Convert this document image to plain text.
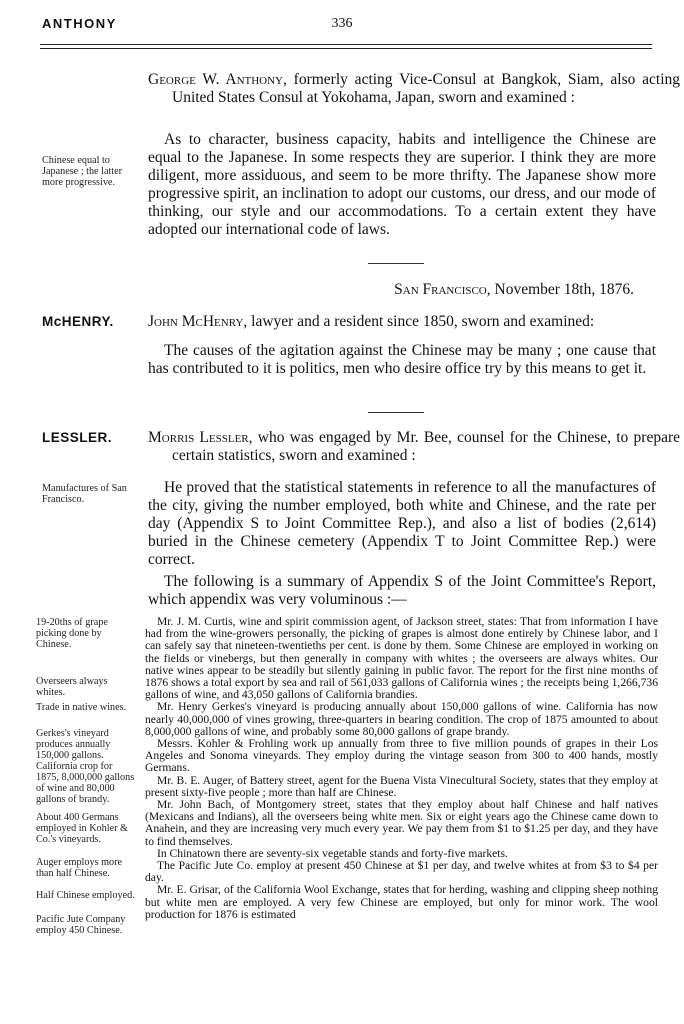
ANTHONY	336
George W. Anthony, formerly acting Vice-Consul at Bangkok, Siam, also acting United States Consul at Yokohama, Japan, sworn and examined :
Chinese equal to Japanese ; the latter more progressive.

As to character, business capacity, habits and intelligence the Chinese are equal to the Japanese. In some respects they are superior. I think they are more diligent, more assiduous, and seem to be more thrifty. The Japanese show more progressive spirit, an inclination to adopt our customs, our dress, and our mode of thinking, our style and our accommodations. To a certain extent they have adopted our international code of laws.

San Francisco, November 18th, 1876.
McHENRY. John McHenry, lawyer and a resident since 1850, sworn and examined:

The causes of the agitation against the Chinese may be many ; one cause that has contributed to it is politics, men who desire office try by this means to get it.

LESSLER. Morris Lessler, who was engaged by Mr. Bee, counsel for the Chinese, to prepare certain statistics, sworn and examined :
Manufactures of San Francisco.

He proved that the statistical statements in reference to all the manufactures of the city, giving the number employed, both white and Chinese, and the rate per day (Appendix S to Joint Committee Rep.), and also a list of bodies (2,614) buried in the Chinese cemetery (Appendix T to Joint Committee Rep.) were correct.

The following is a summary of Appendix S of the Joint Committee's Report, which appendix was very voluminous :—

Mr. J. M. Curtis, wine and spirit commission agent, of Jackson street, states: That from information I have had from the wine-growers personally, the picking of grapes is almost done entirely by Chinese labor, and I can safely say that nineteen-twentieths per cent. is done by them. Some Chinese are employed in working on the fields or vinebergs, but then generally in company with whites ; the overseers are always whites. Our native wines appear to be steadily but silently gaining in public favor. The report for the first nine months of 1876 shows a total export by sea and rail of 561,033 gallons of California wines ; the receipts being 1,266,736 gallons of wine, and 43,050 gallons of California brandies.

Mr. Henry Gerkes's vineyard is producing annually about 150,000 gallons of wine. California has now nearly 40,000,000 of vines growing, three-quarters in bearing condition. The crop of 1875 amounted to about 8,000,000 gallons of wine, and probably some 80,000 gallons of grape brandy.

Messrs. Kohler & Frohling work up annually from three to five million pounds of grapes in their Los Angeles and Sonoma vineyards. They employ during the vintage season from 300 to 400 hands, mostly Germans.

Mr. B. E. Auger, of Battery street, agent for the Buena Vista Vinecultural Society, states that they employ at present sixty-five people ; more than half are Chinese.

Mr. John Bach, of Montgomery street, states that they employ about half Chinese and half natives (Mexicans and Indians), all the overseers being white men. Six or eight years ago the Chinese came down to Anahein, and they are increasing very much every year. We pay them from $1 to $1.25 per day, and they have to find themselves.

In Chinatown there are seventy-six vegetable stands and forty-five markets.

The Pacific Jute Co. employ at present 450 Chinese at $1 per day, and twelve whites at from $3 to $4 per day.

Mr. E. Grisar, of the California Wool Exchange, states that for herding, washing and clipping sheep nothing but white men are employed. A very few Chinese are employed, but only for minor work. The wool production for 1876 is estimated

19-20ths of grape picking done by Chinese.
Overseers always whites.
Trade in native wines.
Gerkes's vineyard produces annually 150,000 gallons. California crop for 1875, 8,000,000 gallons of wine and 80,000 gallons of brandy.
About 400 Germans employed in Kohler & Co.'s vineyards.
Auger employs more than half Chinese.
Half Chinese employed.
Pacific Jute Company employ 450 Chinese.
